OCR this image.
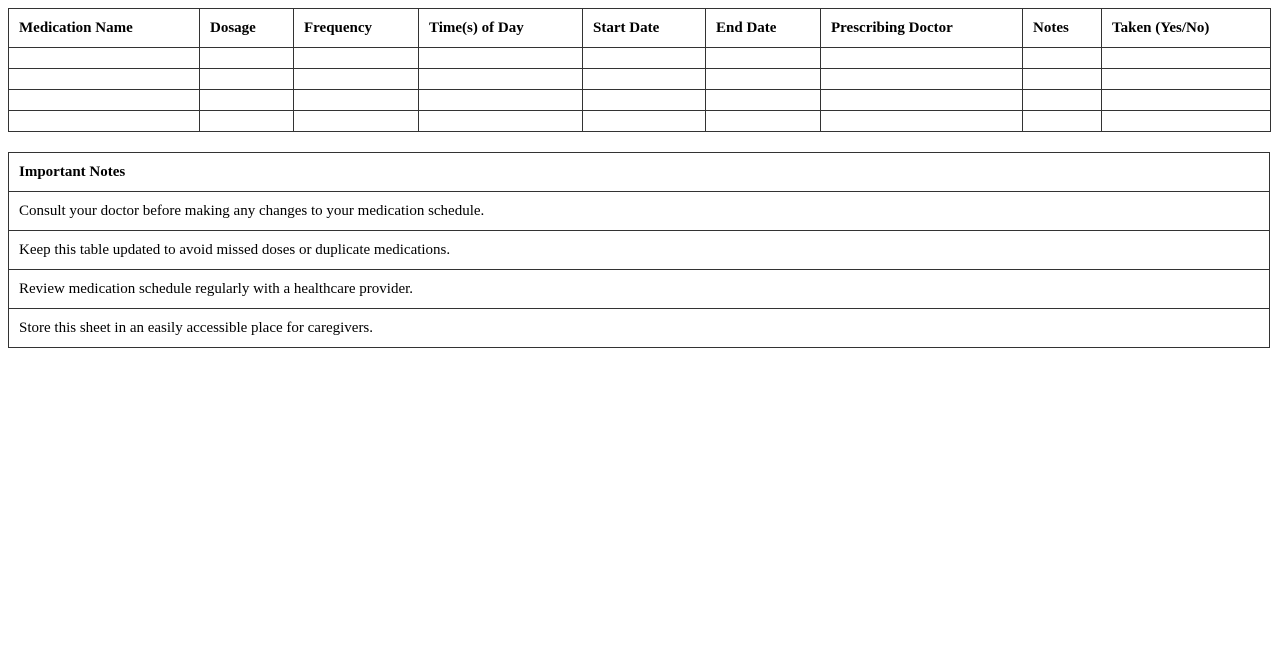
Medication Name	Dosage	Frequency	Time(s) of Day	Start Date	End Date	Prescribing Doctor	Notes	Taken (Yes/No)

Important Notes
Consult your doctor before making any changes to your medication schedule.
Keep this table updated to avoid missed doses or duplicate medications.
Review medication schedule regularly with a healthcare provider.
Store this sheet in an easily accessible place for caregivers.
